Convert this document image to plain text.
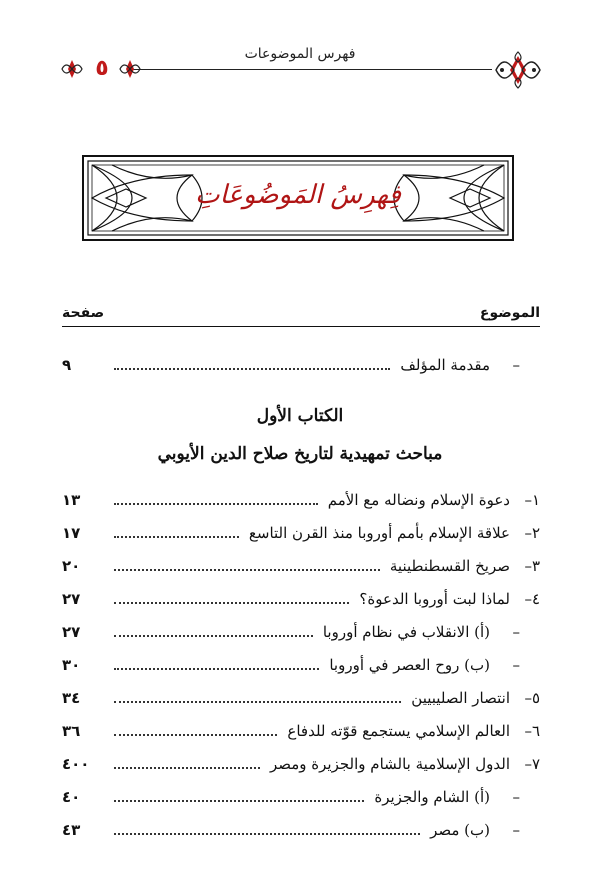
فهرس الموضوعات
٥
فِهرِسُ المَوضُوعَاتِ
الموضوع
صفحة
–
مقدمة المؤلف
٩
الكتاب الأول
مباحث تمهيدية لتاريخ صلاح الدين الأيوبي
١–
دعوة الإسلام ونضاله مع الأمم
١٣
٢–
علاقة الإسلام بأمم أوروبا منذ القرن التاسع
١٧
٣–
صريخ القسطنطينية
٢٠
٤–
لماذا لبت أوروبا الدعوة؟
٢٧
–
(أ) الانقلاب في نظام أوروبا
٢٧
–
(ب) روح العصر في أوروبا
٣٠
٥–
انتصار الصليبيين
٣٤
٦–
العالم الإسلامي يستجمع قوّته للدفاع
٣٦
٧–
الدول الإسلامية بالشام والجزيرة ومصر
٤٠٠
–
(أ) الشام والجزيرة
٤٠
–
(ب) مصر
٤٣
